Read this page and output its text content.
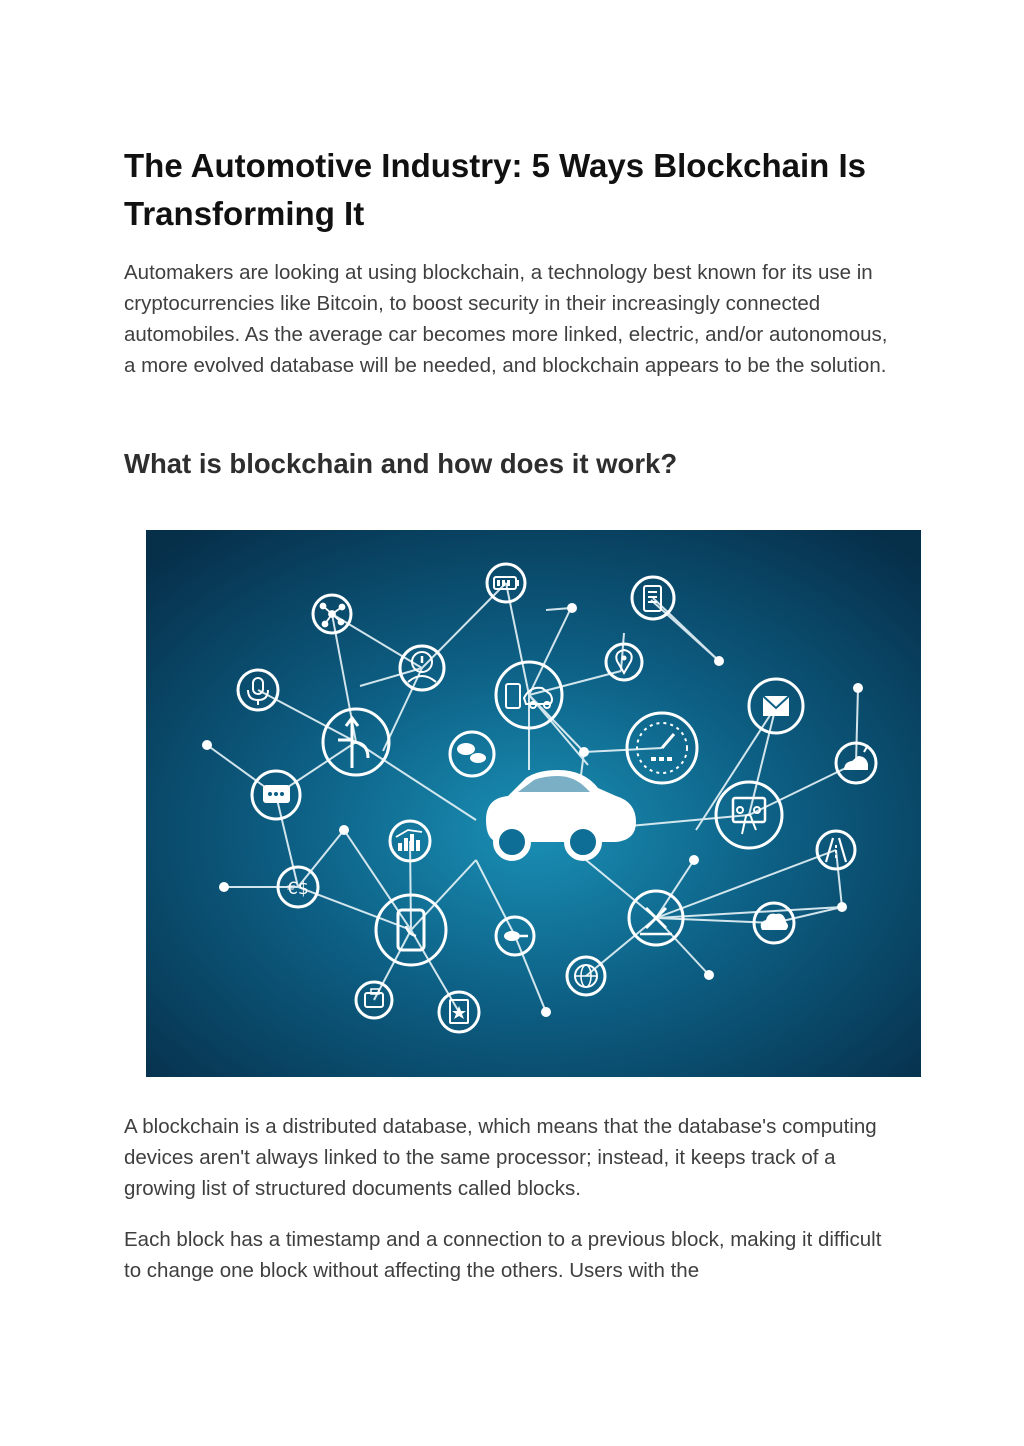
The Automotive Industry: 5 Ways Blockchain Is Transforming It

Automakers are looking at using blockchain, a technology best known for its use in cryptocurrencies like Bitcoin, to boost security in their increasingly connected automobiles. As the average car becomes more linked, electric, and/or autonomous, a more evolved database will be needed, and blockchain appears to be the solution.

What is blockchain and how does it work?
€$

A blockchain is a distributed database, which means that the database's computing devices aren't always linked to the same processor; instead, it keeps track of a growing list of structured documents called blocks.

Each block has a timestamp and a connection to a previous block, making it difficult to change one block without affecting the others. Users with the
